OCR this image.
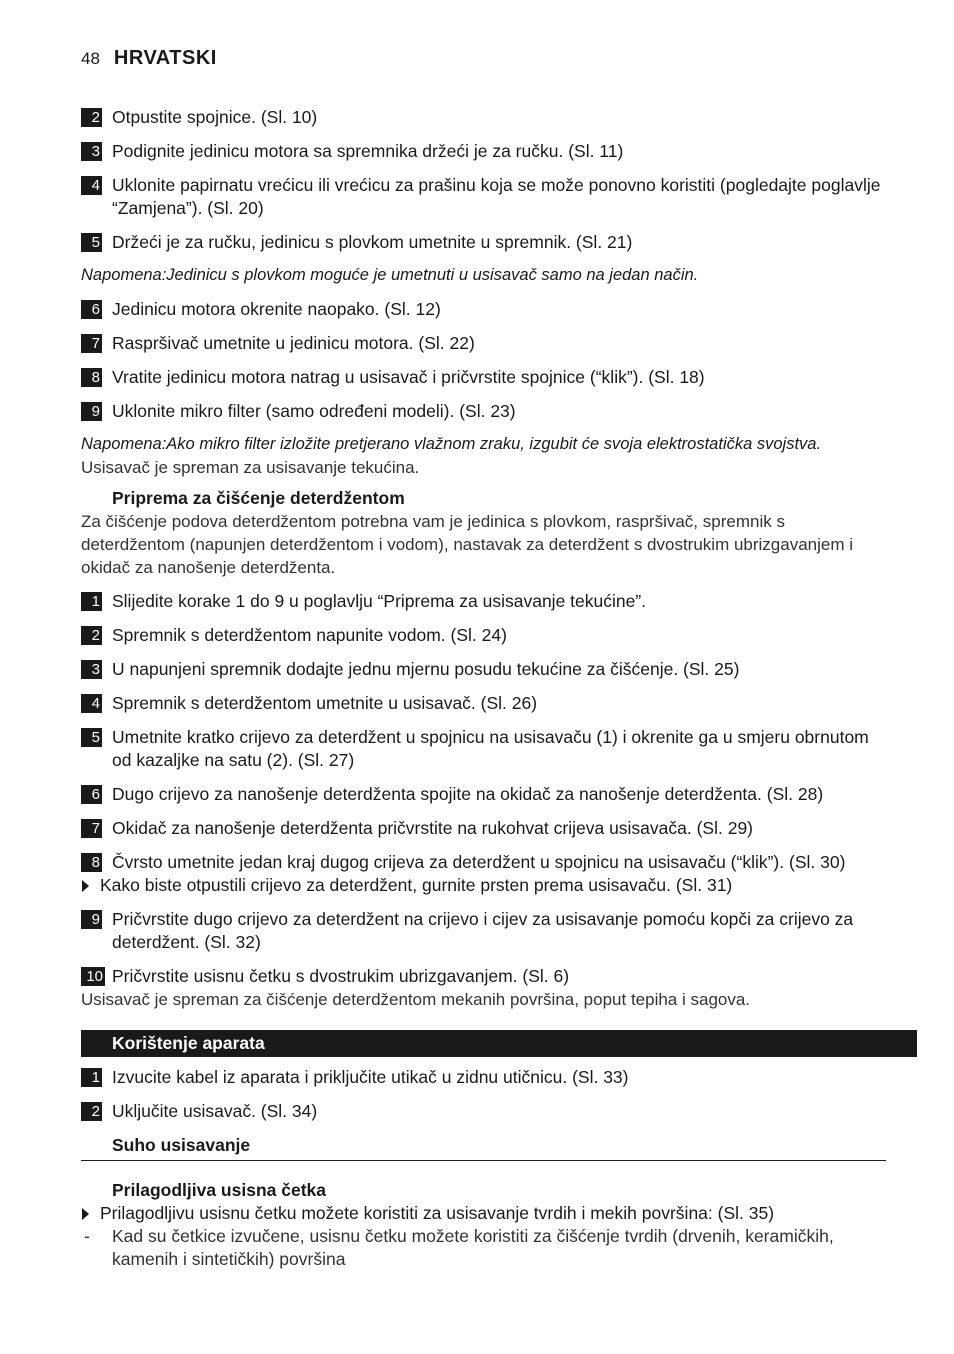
48 HRVATSKI
2 Otpustite spojnice. (Sl. 10)
3 Podignite jedinicu motora sa spremnika držeći je za ručku. (Sl. 11)
4 Uklonite papirnatu vrećicu ili vrećicu za prašinu koja se može ponovno koristiti (pogledajte poglavlje “Zamjena”). (Sl. 20)
5 Držeći je za ručku, jedinicu s plovkom umetnite u spremnik. (Sl. 21)
Napomena:Jedinicu s plovkom moguće je umetnuti u usisavač samo na jedan način.
6 Jedinicu motora okrenite naopako. (Sl. 12)
7 Raspršivač umetnite u jedinicu motora. (Sl. 22)
8 Vratite jedinicu motora natrag u usisavač i pričvrstite spojnice (“klik”). (Sl. 18)
9 Uklonite mikro filter (samo određeni modeli). (Sl. 23)
Napomena:Ako mikro filter izložite pretjerano vlažnom zraku, izgubit će svoja elektrostatička svojstva.
Usisavač je spreman za usisavanje tekućina.
Priprema za čišćenje deterdžentom
Za čišćenje podova deterdžentom potrebna vam je jedinica s plovkom, raspršivač, spremnik s deterdžentom (napunjen deterdžentom i vodom), nastavak za deterdžent s dvostrukim ubrizgavanjem i okidač za nanošenje deterdženta.
1 Slijedite korake 1 do 9 u poglavlju “Priprema za usisavanje tekućine”.
2 Spremnik s deterdžentom napunite vodom. (Sl. 24)
3 U napunjeni spremnik dodajte jednu mjernu posudu tekućine za čišćenje. (Sl. 25)
4 Spremnik s deterdžentom umetnite u usisavač. (Sl. 26)
5 Umetnite kratko crijevo za deterdžent u spojnicu na usisavaču (1) i okrenite ga u smjeru obrnutom od kazaljke na satu (2). (Sl. 27)
6 Dugo crijevo za nanošenje deterdženta spojite na okidač za nanošenje deterdženta. (Sl. 28)
7 Okidač za nanošenje deterdženta pričvrstite na rukohvat crijeva usisavača. (Sl. 29)
8 Čvrsto umetnite jedan kraj dugog crijeva za deterdžent u spojnicu na usisavaču (“klik”). (Sl. 30)
Kako biste otpustili crijevo za deterdžent, gurnite prsten prema usisavaču. (Sl. 31)
9 Pričvrstite dugo crijevo za deterdžent na crijevo i cijev za usisavanje pomoću kopči za crijevo za deterdžent. (Sl. 32)
10 Pričvrstite usisnu četku s dvostrukim ubrizgavanjem. (Sl. 6)
Usisavač je spreman za čišćenje deterdžentom mekanih površina, poput tepiha i sagova.
Korištenje aparata
1 Izvucite kabel iz aparata i priključite utikač u zidnu utičnicu. (Sl. 33)
2 Uključite usisavač. (Sl. 34)
Suho usisavanje
Prilagodljiva usisna četka
Prilagodljivu usisnu četku možete koristiti za usisavanje tvrdih i mekih površina: (Sl. 35)
- Kad su četkice izvučene, usisnu četku možete koristiti za čišćenje tvrdih (drvenih, keramičkih, kamenih i sintetičkih) površina
